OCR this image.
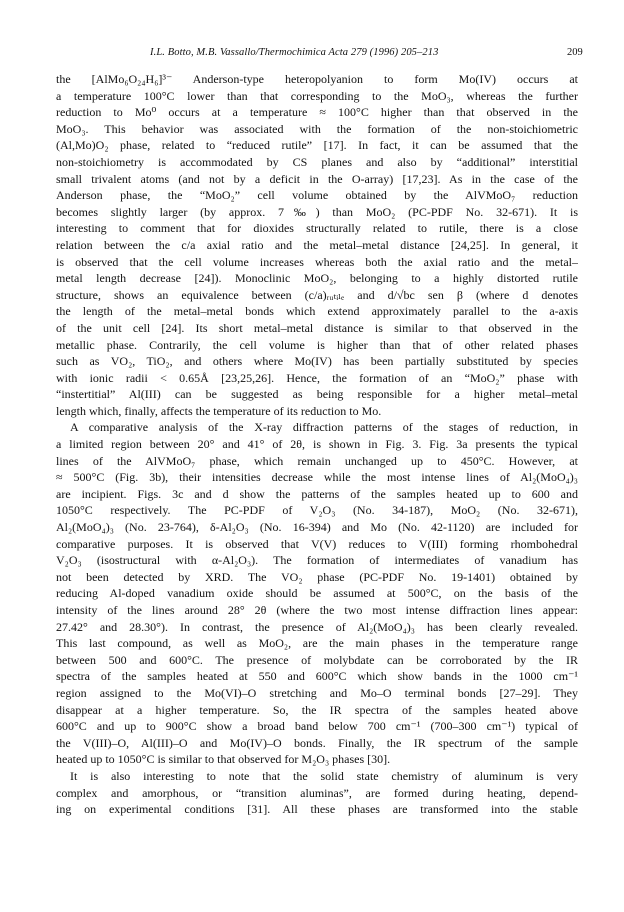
I.L. Botto, M.B. Vassallo/Thermochimica Acta 279 (1996) 205–213	209
the [AlMo₆O₂₄H₆]³⁻ Anderson-type heteropolyanion to form Mo(IV) occurs at
a temperature 100°C lower than that corresponding to the MoO₃, whereas the further
reduction to Mo⁰ occurs at a temperature ≈ 100°C higher than that observed in the
MoO₃. This behavior was associated with the formation of the non-stoichiometric
(Al,Mo)O₂ phase, related to “reduced rutile” [17]. In fact, it can be assumed that the
non-stoichiometry is accommodated by CS planes and also by “additional” interstitial
small trivalent atoms (and not by a deficit in the O-array) [17,23]. As in the case of the
Anderson phase, the “MoO₂” cell volume obtained by the AlVMoO₇ reduction
becomes slightly larger (by approx. 7‰) than MoO₂ (PC-PDF No. 32-671). It is
interesting to comment that for dioxides structurally related to rutile, there is a close
relation between the c/a axial ratio and the metal–metal distance [24,25]. In general, it
is observed that the cell volume increases whereas both the axial ratio and the metal–
metal length decrease [24]). Monoclinic MoO₂, belonging to a highly distorted rutile
structure, shows an equivalence between (c/a)ᵣᵤₜᵢₗₑ and d/√bc sen β (where d denotes
the length of the metal–metal bonds which extend approximately parallel to the a-axis
of the unit cell [24]. Its short metal–metal distance is similar to that observed in the
metallic phase. Contrarily, the cell volume is higher than that of other related phases
such as VO₂, TiO₂, and others where Mo(IV) has been partially substituted by species
with ionic radii < 0.65Å [23,25,26]. Hence, the formation of an “MoO₂” phase with
“instertitial” Al(III) can be suggested as being responsible for a higher metal–metal
length which, finally, affects the temperature of its reduction to Mo.
A comparative analysis of the X-ray diffraction patterns of the stages of reduction, in
a limited region between 20° and 41° of 2θ, is shown in Fig. 3. Fig. 3a presents the typical
lines of the AlVMoO₇ phase, which remain unchanged up to 450°C. However, at
≈ 500°C (Fig. 3b), their intensities decrease while the most intense lines of Al₂(MoO₄)₃
are incipient. Figs. 3c and d show the patterns of the samples heated up to 600 and
1050°C respectively. The PC-PDF of V₂O₃ (No. 34-187), MoO₂ (No. 32-671),
Al₂(MoO₄)₃ (No. 23-764), δ-Al₂O₃ (No. 16-394) and Mo (No. 42-1120) are included for
comparative purposes. It is observed that V(V) reduces to V(III) forming rhombohedral
V₂O₃ (isostructural with α-Al₂O₃). The formation of intermediates of vanadium has
not been detected by XRD. The VO₂ phase (PC-PDF No. 19-1401) obtained by
reducing Al-doped vanadium oxide should be assumed at 500°C, on the basis of the
intensity of the lines around 28° 2θ (where the two most intense diffraction lines appear:
27.42° and 28.30°). In contrast, the presence of Al₂(MoO₄)₃ has been clearly revealed.
This last compound, as well as MoO₂, are the main phases in the temperature range
between 500 and 600°C. The presence of molybdate can be corroborated by the IR
spectra of the samples heated at 550 and 600°C which show bands in the 1000 cm⁻¹
region assigned to the Mo(VI)–O stretching and Mo–O terminal bonds [27–29]. They
disappear at a higher temperature. So, the IR spectra of the samples heated above
600°C and up to 900°C show a broad band below 700 cm⁻¹ (700–300 cm⁻¹) typical of
the V(III)–O, Al(III)–O and Mo(IV)–O bonds. Finally, the IR spectrum of the sample
heated up to 1050°C is similar to that observed for M₂O₃ phases [30].
It is also interesting to note that the solid state chemistry of aluminum is very
complex and amorphous, or “transition aluminas”, are formed during heating, depend-
ing on experimental conditions [31]. All these phases are transformed into the stable
